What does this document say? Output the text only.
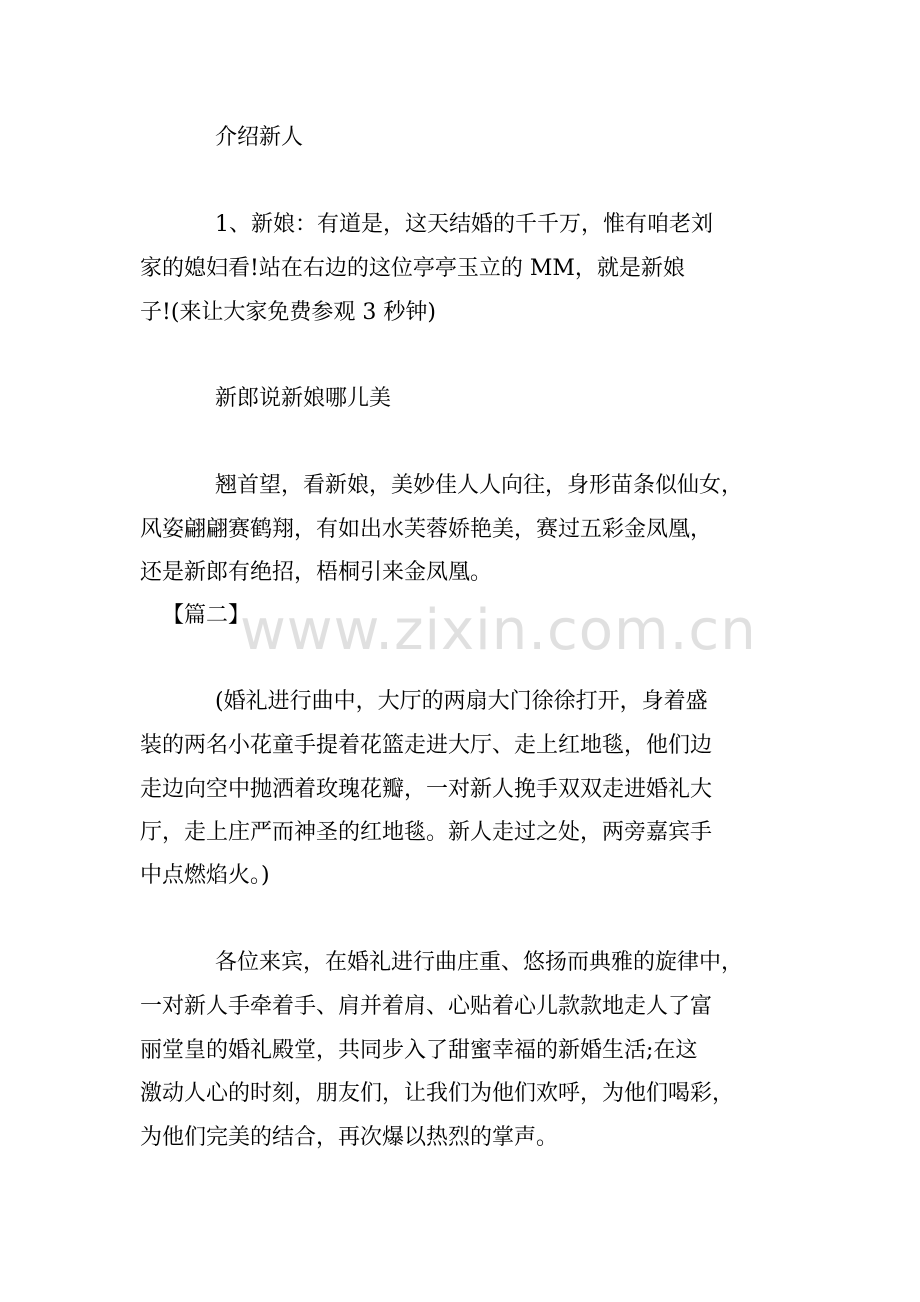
介绍新人

1、新娘：有道是，这天结婚的千千万，惟有咱老刘

家的媳妇看!站在右边的这位亭亭玉立的 MM，就是新娘

子!(来让大家免费参观 3 秒钟)

新郎说新娘哪儿美

翘首望，看新娘，美妙佳人人向往，身形苗条似仙女，

风姿翩翩赛鹤翔，有如出水芙蓉娇艳美，赛过五彩金凤凰，

还是新郎有绝招，梧桐引来金凤凰。

【篇二】

(婚礼进行曲中，大厅的两扇大门徐徐打开，身着盛

装的两名小花童手提着花篮走进大厅、走上红地毯，他们边

走边向空中抛洒着玫瑰花瓣，一对新人挽手双双走进婚礼大

厅，走上庄严而神圣的红地毯。新人走过之处，两旁嘉宾手

中点燃焰火。)

各位来宾，在婚礼进行曲庄重、悠扬而典雅的旋律中，

一对新人手牵着手、肩并着肩、心贴着心儿款款地走人了富

丽堂皇的婚礼殿堂，共同步入了甜蜜幸福的新婚生活;在这

激动人心的时刻，朋友们，让我们为他们欢呼，为他们喝彩，

为他们完美的结合，再次爆以热烈的掌声。

www.zixin.com.cn
